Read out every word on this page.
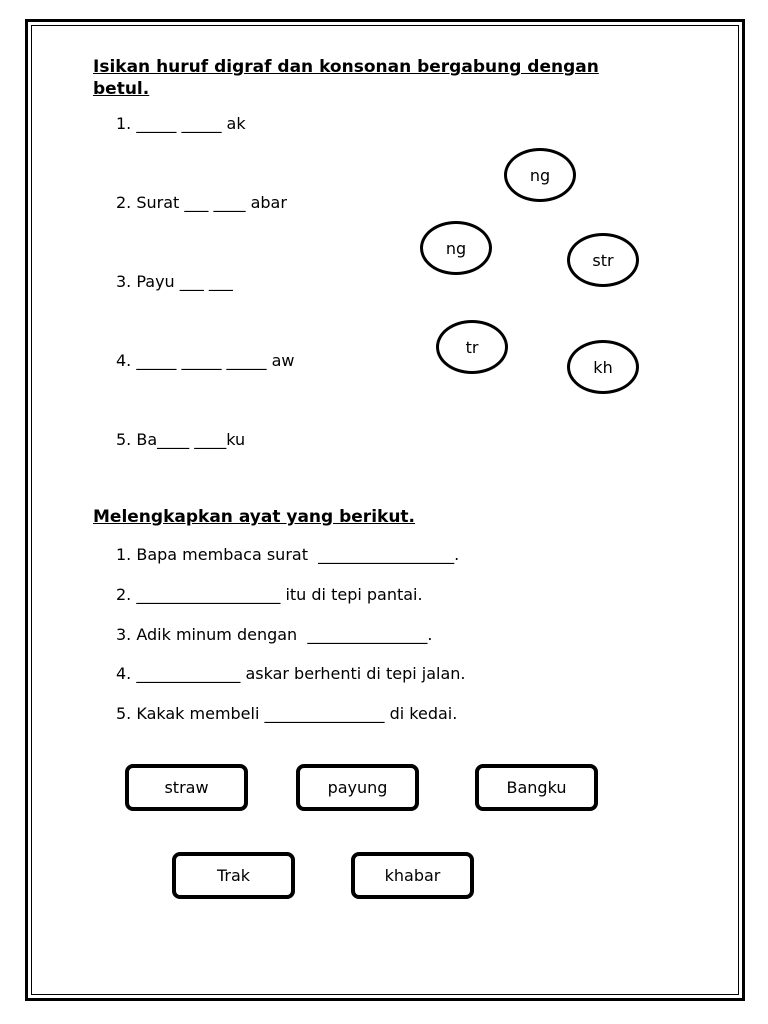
Isikan huruf digraf dan konsonan bergabung dengan
betul.
1. _____ _____ ak
2. Surat ___ ____ abar
3. Payu ___ ___
4. _____ _____ _____ aw
5. Ba____ ____ku
ng
ng
str
tr
kh
Melengkapkan ayat yang berikut.
1. Bapa membaca surat  _________________.
2. __________________ itu di tepi pantai.
3. Adik minum dengan  _______________.
4. _____________ askar berhenti di tepi jalan.
5. Kakak membeli _______________ di kedai.
straw	payung	Bangku
Trak	khabar
